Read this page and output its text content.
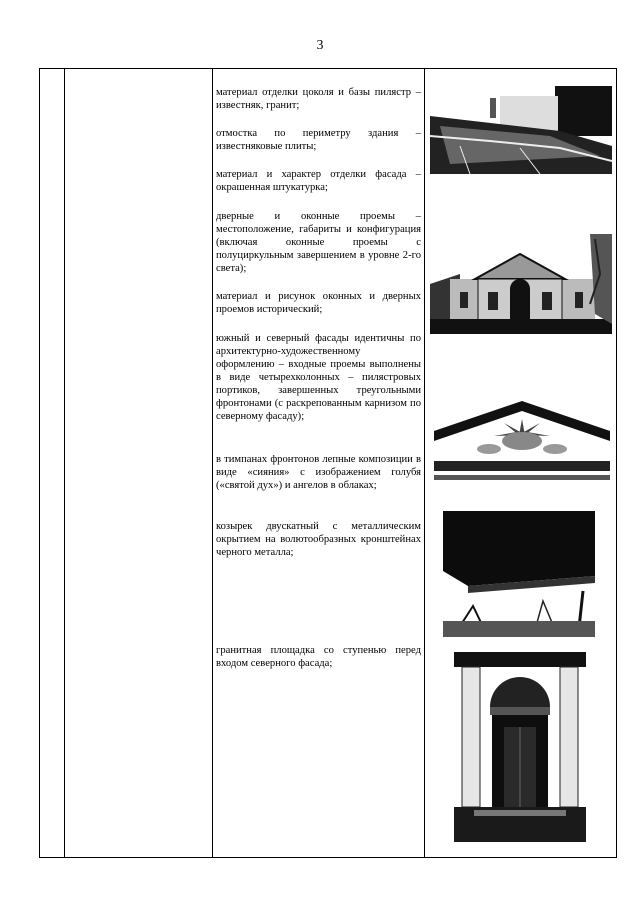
3
материал отделки цоколя и базы пилястр – известняк, гранит;
отмостка по периметру здания – известняковые плиты;
материал и характер отделки фасада – окрашенная штукатурка;
дверные и оконные проемы – местоположение, габариты и конфигурация (включая оконные проемы с полуциркульным завершением в уровне 2-го света);
материал и рисунок оконных и дверных проемов исторический;
южный и северный фасады идентичны по архитектурно-художественному оформлению – входные проемы выполнены в виде четырехколонных – пилястровых портиков, завершенных треугольными фронтонами (с раскрепованным карнизом по северному фасаду);
в тимпанах фронтонов лепные композиции в виде «сияния» с изображением голубя («святой дух») и ангелов в облаках;
козырек двускатный с металлическим окрытием на волютообразных кронштейнах черного металла;
гранитная площадка со ступенью перед входом северного фасада;
